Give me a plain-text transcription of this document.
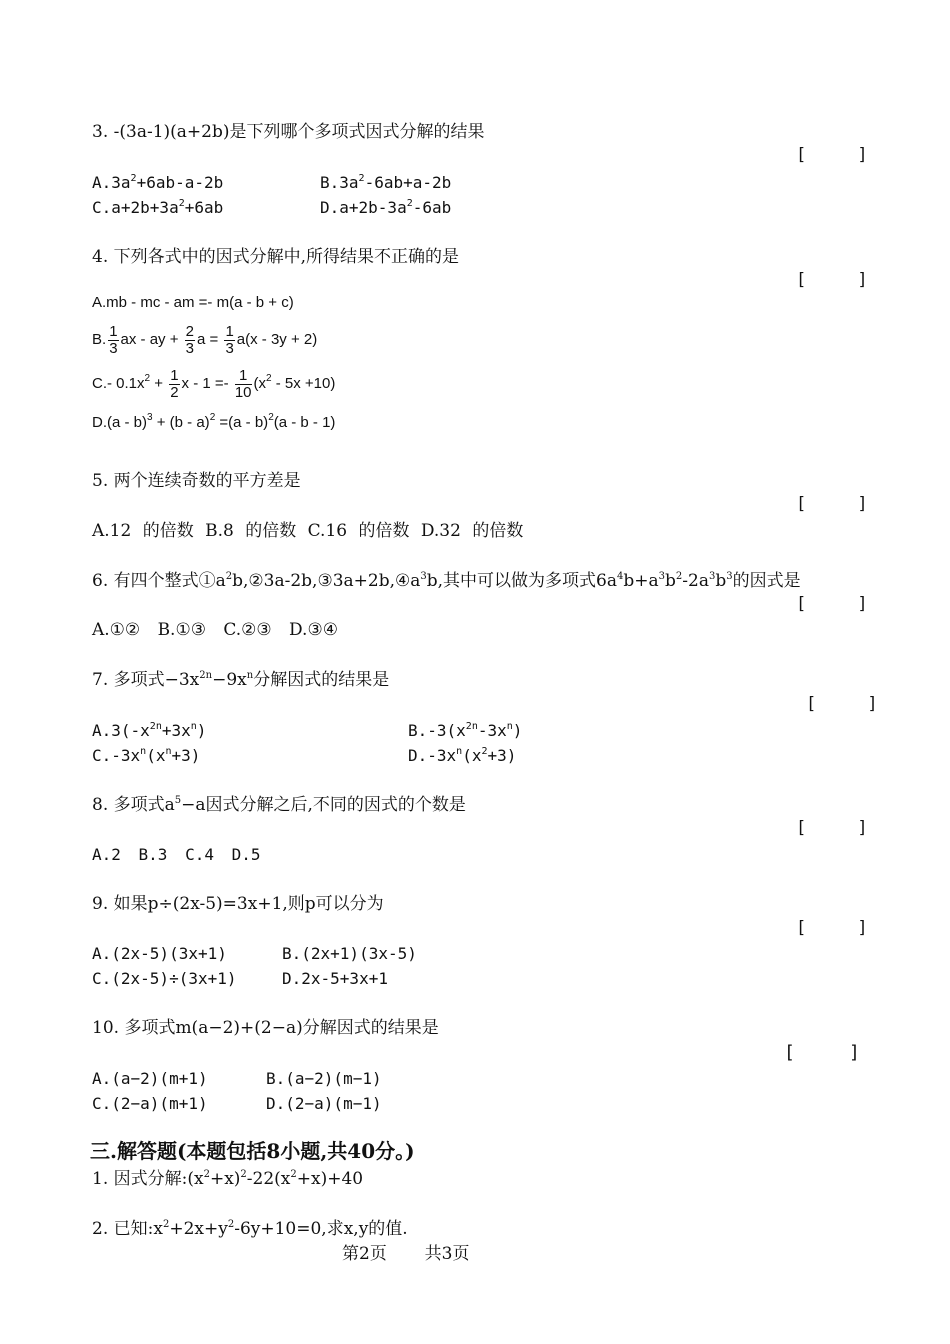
3. -(3a-1)(a+2b)是下列哪个多项式因式分解的结果
[     ]
$A.3a^2+6ab-a-2b$	$B.3a^2-6ab+a-2b$
$C.a+2b+3a^2+6ab$	$D.a+2b-3a^2-6ab$
4. 下列各式中的因式分解中,所得结果不正确的是
[     ]
A.mb - mc - am =- m(a - b + c)
B. $\frac{1}{3}$ ax - ay + $\frac{2}{3}$ $a = \frac{1}{3} a(x - 3y + 2)$
C.- $0.1x^2 + \frac{1}{2}$ $x - 1 =- \frac{1}{10} (x^2 - 5x +10)$
D.(a - b)$^3$ + (b - a)$^2$ =(a - b)$^2$(a - b - 1)
5. 两个连续奇数的平方差是
[     ]
A.12 的倍数 B.8 的倍数 C.16 的倍数 D.32 的倍数
6. 有四个整式$①a^2b,②3a-2b,③3a+2b,④a^3b$,其中可以做为多项式$6a^4b+a^3b^2-2a^3b^3$的因式是
[     ]
A.①② B.①③ C.②③ D.③④
7. 多项式$-3x^{2n}-9x^n$分解因式的结果是
[     ]
$A.3(-x^{2n}+3x^n)$	$B.-3(x^{2n}-3x^n)$
$C.-3x^n(x^n+3)$	$D.-3x^n(x^2+3)$
8. 多项式$a^5-a$因式分解之后,不同的因式的个数是
[     ]
A.2 B.3 C.4 D.5
9. 如果p÷(2x-5)=3x+1,则p可以分为
[     ]
A.(2x-5)(3x+1)	B.(2x+1)(3x-5)
C.(2x-5)÷(3x+1)	D.2x-5+3x+1
10. 多项式m(a−2)+(2−a)分解因式的结果是
[     ]
A.(a−2)(m+1)	B.(a−2)(m−1)
C.(2−a)(m+1)	D.(2−a)(m−1)
三.解答题(本题包括8小题,共40分。)
1. 因式分解$:(x^2+x)^2-22(x^2+x)+40$
2. 已知$:x^2+2x+y^2-6y+10=0$,求x,y的值.
第2页       共3页
